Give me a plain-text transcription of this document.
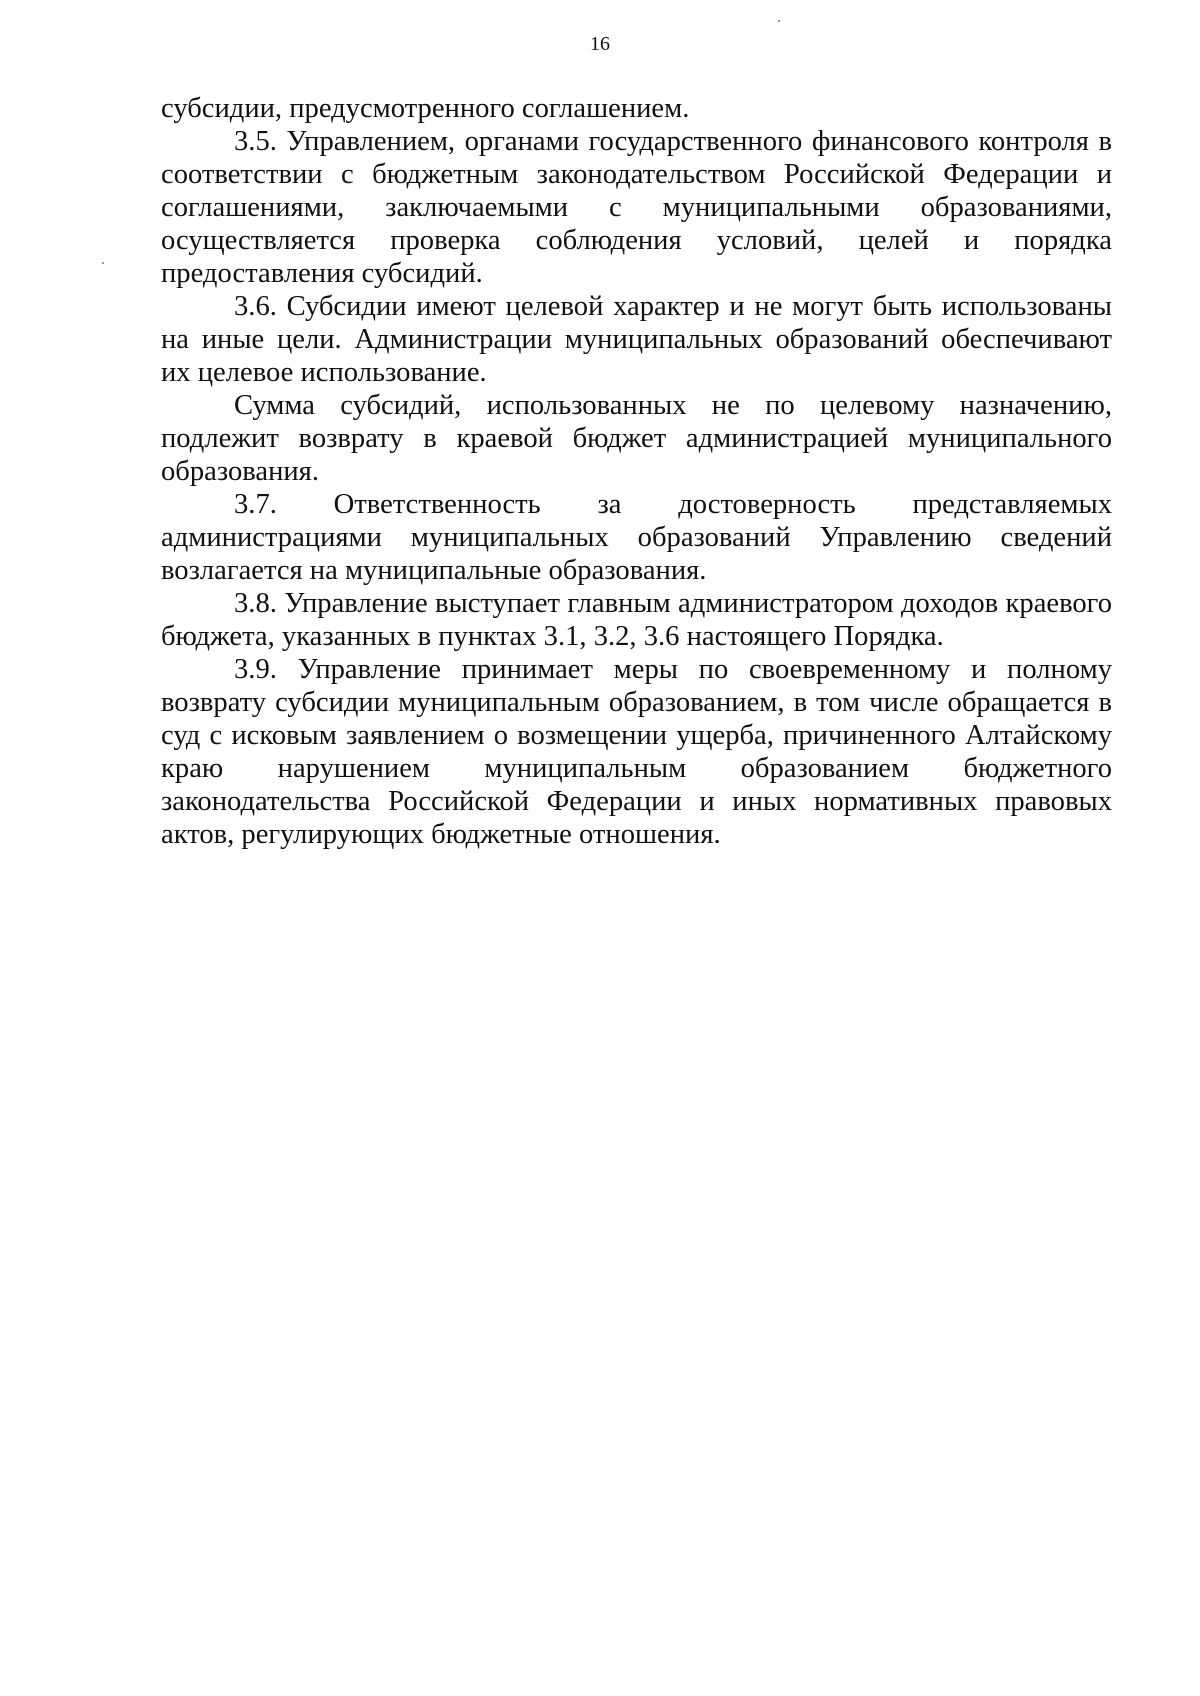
16

субсидии, предусмотренного соглашением.

3.5. Управлением, органами государственного финансового контроля в соответствии с бюджетным законодательством Российской Федерации и соглашениями, заключаемыми с муниципальными образованиями, осуществляется проверка соблюдения условий, целей и порядка предоставления субсидий.

3.6. Субсидии имеют целевой характер и не могут быть использованы на иные цели. Администрации муниципальных образований обеспечивают их целевое использование.

Сумма субсидий, использованных не по целевому назначению, подлежит возврату в краевой бюджет администрацией муниципального образования.

3.7. Ответственность за достоверность представляемых администрациями муниципальных образований Управлению сведений возлагается на муниципальные образования.

3.8. Управление выступает главным администратором доходов краевого бюджета, указанных в пунктах 3.1, 3.2, 3.6 настоящего Порядка.

3.9. Управление принимает меры по своевременному и полному возврату субсидии муниципальным образованием, в том числе обращается в суд с исковым заявлением о возмещении ущерба, причиненного Алтайскому краю нарушением муниципальным образованием бюджетного законодательства Российской Федерации и иных нормативных правовых актов, регулирующих бюджетные отношения.
